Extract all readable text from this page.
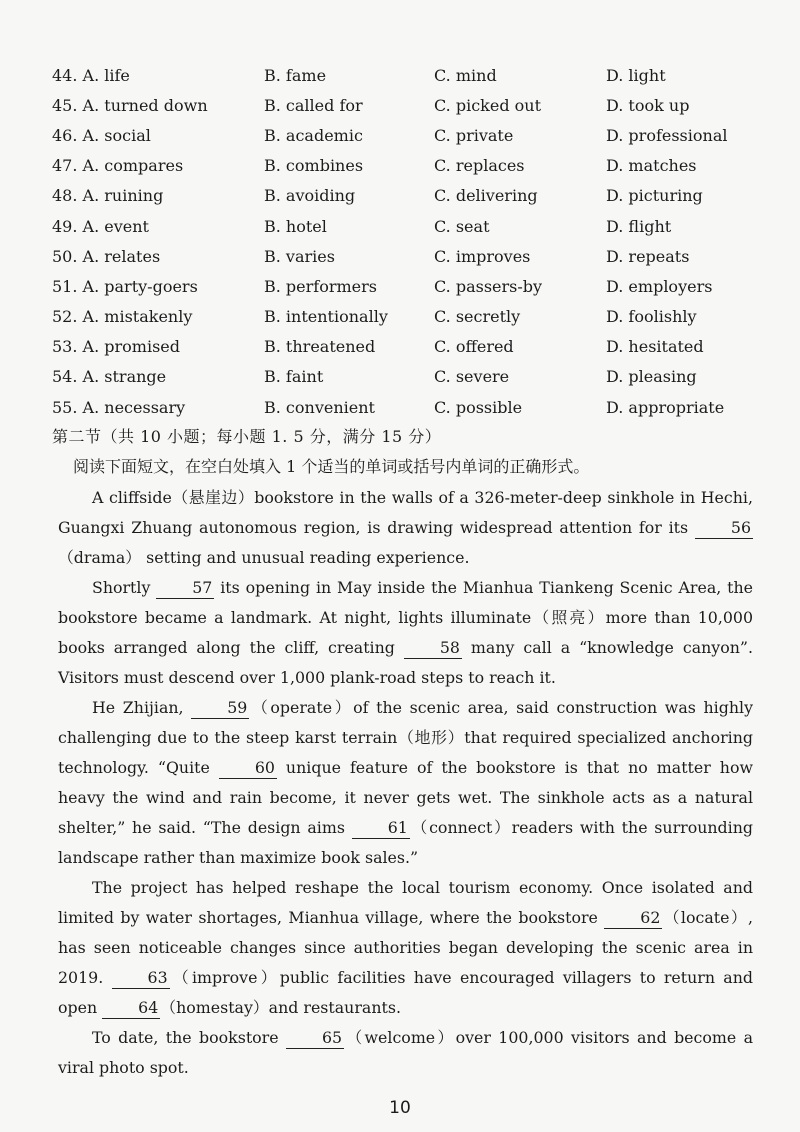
44. A. life	B. fame	C. mind	D. light
45. A. turned down	B. called for	C. picked out	D. took up
46. A. social	B. academic	C. private	D. professional
47. A. compares	B. combines	C. replaces	D. matches
48. A. ruining	B. avoiding	C. delivering	D. picturing
49. A. event	B. hotel	C. seat	D. flight
50. A. relates	B. varies	C. improves	D. repeats
51. A. party-goers	B. performers	C. passers-by	D. employers
52. A. mistakenly	B. intentionally	C. secretly	D. foolishly
53. A. promised	B. threatened	C. offered	D. hesitated
54. A. strange	B. faint	C. severe	D. pleasing
55. A. necessary	B. convenient	C. possible	D. appropriate
第二节（共 10 小题；每小题 1. 5 分，满分 15 分）
阅读下面短文，在空白处填入 1 个适当的单词或括号内单词的正确形式。

A cliffside（悬崖边）bookstore in the walls of a 326-meter-deep sinkhole in Hechi, Guangxi Zhuang autonomous region, is drawing widespread attention for its 56（drama） setting and unusual reading experience.

Shortly 57 its opening in May inside the Mianhua Tiankeng Scenic Area, the bookstore became a landmark. At night, lights illuminate（照亮）more than 10,000 books arranged along the cliff, creating 58 many call a “knowledge canyon”. Visitors must descend over 1,000 plank-road steps to reach it.

He Zhijian, 59 （operate）of the scenic area, said construction was highly challenging due to the steep karst terrain（地形）that required specialized anchoring technology. “Quite 60 unique feature of the bookstore is that no matter how heavy the wind and rain become, it never gets wet. The sinkhole acts as a natural shelter,” he said. “The design aims 61 （connect）readers with the surrounding landscape rather than maximize book sales.”

The project has helped reshape the local tourism economy. Once isolated and limited by water shortages, Mianhua village, where the bookstore 62 （locate）, has seen noticeable changes since authorities began developing the scenic area in 2019. 63 （improve）public facilities have encouraged villagers to return and open 64 （homestay）and restaurants.

To date, the bookstore 65 （welcome）over 100,000 visitors and become a viral photo spot.

10
